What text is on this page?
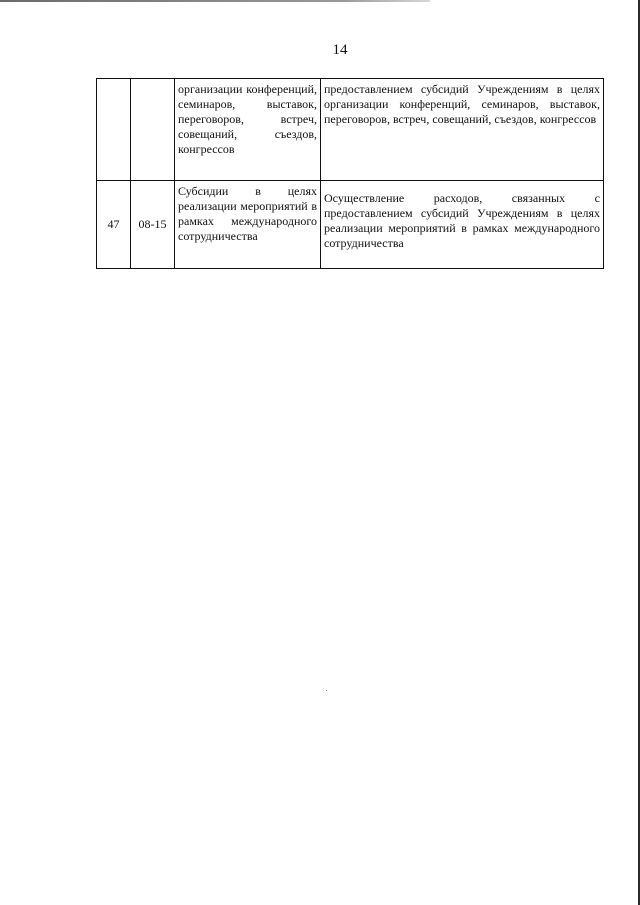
14
		организации конференций, семинаров, выставок, переговоров, встреч, совещаний, съездов, конгрессов	предоставлением субсидий Учреждениям в целях организации конференций, семинаров, выставок, переговоров, встреч, совещаний, съездов, конгрессов
47	08-15	Субсидии в целях реализации мероприятий в рамках международного сотрудничества	Осуществление расходов, связанных с предоставлением субсидий Учреждениям в целях реализации мероприятий в рамках международного сотрудничества
